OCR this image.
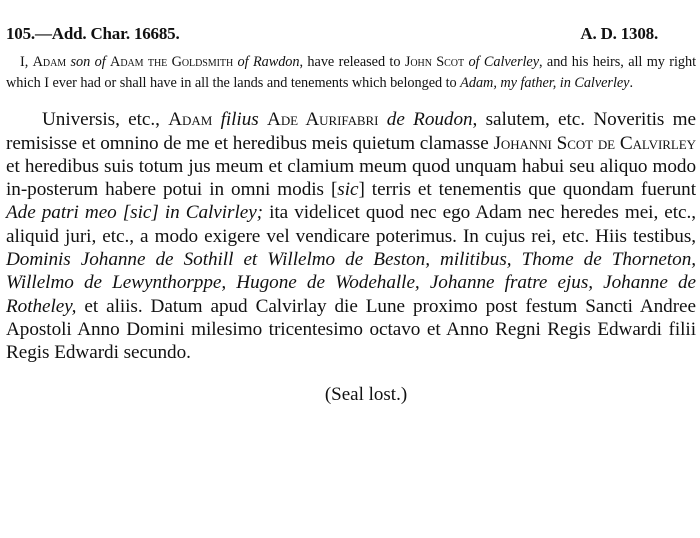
105.—Add. Char. 16685.	A. D. 1308.

I, Adam son of Adam the Goldsmith of Rawdon, have released to John Scot of Calverley, and his heirs, all my right which I ever had or shall have in all the lands and tenements which belonged to Adam, my father, in Calverley.

Universis, etc., Adam filius Ade Aurifabri de Roudon, salutem, etc. Noveritis me remisisse et omnino de me et heredibus meis quietum clamasse Johanni Scot de Calvirley et heredibus suis totum jus meum et clamium meum quod unquam habui seu aliquo modo in-posterum habere potui in omni modis [sic] terris et tenementis que quondam fuerunt Ade patri meo [sic] in Calvirley; ita videlicet quod nec ego Adam nec heredes mei, etc., aliquid juri, etc., a modo exigere vel vendicare poterimus. In cujus rei, etc. Hiis testibus, Dominis Johanne de Sothill et Willelmo de Beston, militibus, Thome de Thorneton, Willelmo de Lewynthorppe, Hugone de Wodehalle, Johanne fratre ejus, Johanne de Rotheley, et aliis. Datum apud Calvirlay die Lune proximo post festum Sancti Andree Apostoli Anno Domini milesimo tricentesimo octavo et Anno Regni Regis Edwardi filii Regis Edwardi secundo.

(Seal lost.)
